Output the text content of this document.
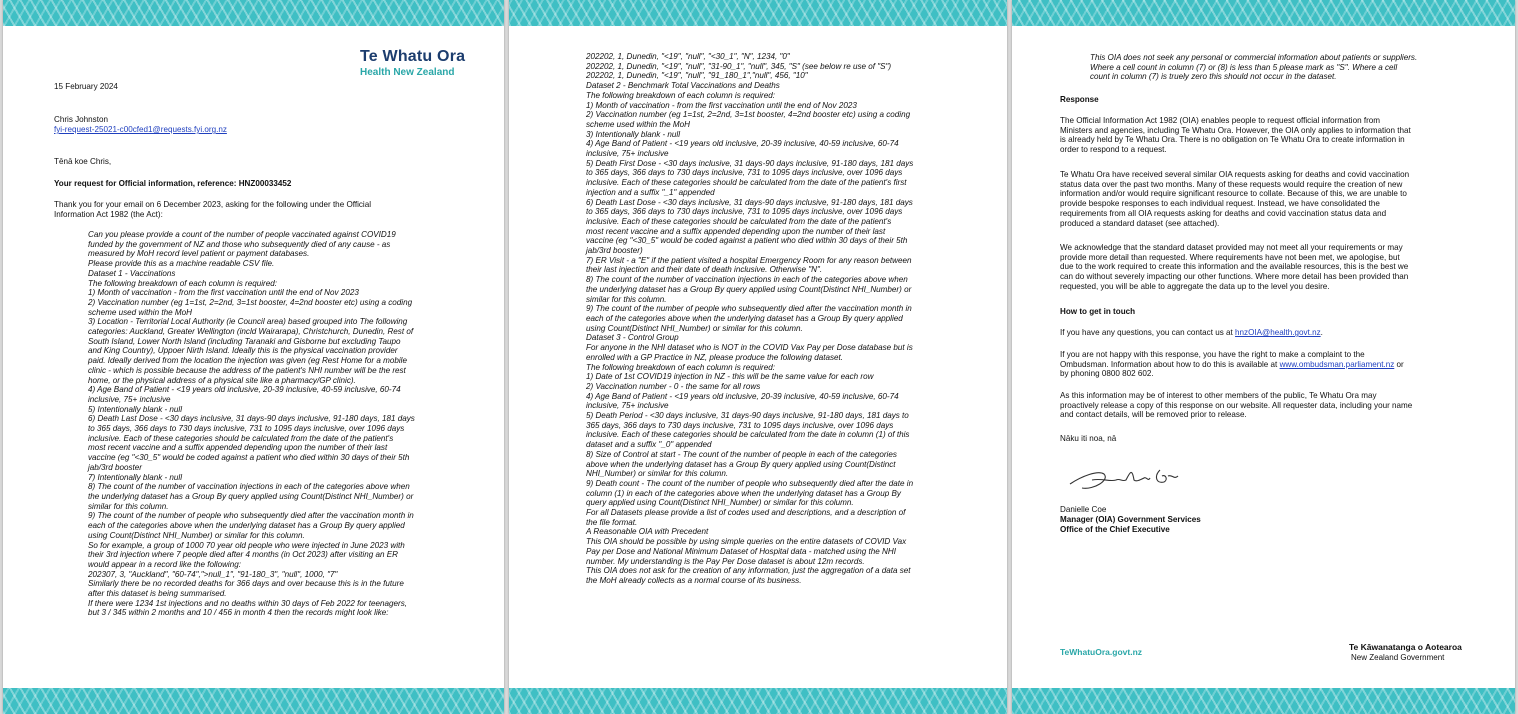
Te Whatu Ora
Health New Zealand
15 February 2024
Chris Johnston
fyi-request-25021-c00cfed1@requests.fyi.org.nz
Tēnā koe Chris,
Your request for Official information, reference: HNZ00033452
Thank you for your email on 6 December 2023, asking for the following under the Official
Information Act 1982 (the Act):
Can you please provide a count of the number of people vaccinated against COVID19
funded by the government of NZ and those who subsequently died of any cause - as
measured by MoH record level patient or payment databases.
Please provide this as a machine readable CSV file.
Dataset 1 - Vaccinations
The following breakdown of each column is required:
1) Month of vaccination - from the first vaccination until the end of Nov 2023
2) Vaccination number (eg 1=1st, 2=2nd, 3=1st booster, 4=2nd booster etc) using a coding
scheme used within the MoH
3) Location - Territorial Local Authority (ie Council area) based grouped into The following
categories: Auckland, Greater Wellington (incld Wairarapa), Christchurch, Dunedin, Rest of
South Island, Lower North Island (including Taranaki and Gisborne but excluding Taupo
and King Country), Uppoer Nirth Island. Ideally this is the physical vaccination provider
paid. Ideally derived from the location the injection was given (eg Rest Home for a mobile
clinic - which is possible because the address of the patient's NHI number will be the rest
home, or the physical address of a physical site like a pharmacy/GP clinic).
4) Age Band of Patient - <19 years old inclusive, 20-39 inclusive, 40-59 inclusive, 60-74
inclusive, 75+ inclusive
5) Intentionally blank - null
6) Death Last Dose - <30 days inclusive, 31 days-90 days inclusive, 91-180 days, 181 days
to 365 days, 366 days to 730 days inclusive, 731 to 1095 days inclusive, over 1096 days
inclusive. Each of these categories should be calculated from the date of the patient's
most recent vaccine and a suffix appended depending upon the number of their last
vaccine (eg "<30_5" would be coded against a patient who died within 30 days of their 5th
jab/3rd booster
7) Intentionally blank - null
8) The count of the number of vaccination injections in each of the categories above when
the underlying dataset has a Group By query applied using Count(Distinct NHI_Number) or
similar for this column.
9) The count of the number of people who subsequently died after the vaccination month in
each of the categories above when the underlying dataset has a Group By query applied
using Count(Distinct NHI_Number) or similar for this column.
So for example, a group of 1000 70 year old people who were injected in June 2023 with
their 3rd injection where 7 people died after 4 months (in Oct 2023) after visiting an ER
would appear in a record like the following:
202307, 3, "Auckland", "60-74",">null_1", "91-180_3", "null", 1000, "7"
Similarly there be no recorded deaths for 366 days and over because this is in the future
after this dataset is being summarised.
If there were 1234 1st injections and no deaths within 30 days of Feb 2022 for teenagers,
but 3 / 345 within 2 months and 10 / 456 in month 4 then the records might look like:
202202, 1, Dunedin, "<19", "null", "<30_1", "N", 1234, "0"
202202, 1, Dunedin, "<19", "null", "31-90_1", "null", 345, "S" (see below re use of "S")
202202, 1, Dunedin, "<19", "null", "91_180_1","null", 456, "10"
Dataset 2 - Benchmark Total Vaccinations and Deaths
The following breakdown of each column is required:
1) Month of vaccination - from the first vaccination until the end of Nov 2023
2) Vaccination number (eg 1=1st, 2=2nd, 3=1st booster, 4=2nd booster etc) using a coding
scheme used within the MoH
3) Intentionally blank - null
4) Age Band of Patient - <19 years old inclusive, 20-39 inclusive, 40-59 inclusive, 60-74
inclusive, 75+ inclusive
5) Death First Dose - <30 days inclusive, 31 days-90 days inclusive, 91-180 days, 181 days
to 365 days, 366 days to 730 days inclusive, 731 to 1095 days inclusive, over 1096 days
inclusive. Each of these categories should be calculated from the date of the patient's first
injection and a suffix "_1" appended
6) Death Last Dose - <30 days inclusive, 31 days-90 days inclusive, 91-180 days, 181 days
to 365 days, 366 days to 730 days inclusive, 731 to 1095 days inclusive, over 1096 days
inclusive. Each of these categories should be calculated from the date of the patient's
most recent vaccine and a suffix appended depending upon the number of their last
vaccine (eg "<30_5" would be coded against a patient who died within 30 days of their 5th
jab/3rd booster)
7) ER Visit - a "E" if the patient visited a hospital Emergency Room for any reason between
their last injection and their date of death inclusive. Otherwise "N".
8) The count of the number of vaccination injections in each of the categories above when
the underlying dataset has a Group By query applied using Count(Distinct NHI_Number) or
similar for this column.
9) The count of the number of people who subsequently died after the vaccination month in
each of the categories above when the underlying dataset has a Group By query applied
using Count(Distinct NHI_Number) or similar for this column.
Dataset 3 - Control Group
For anyone in the NHI dataset who is NOT in the COVID Vax Pay per Dose database but is
enrolled with a GP Practice in NZ, please produce the following dataset.
The following breakdown of each column is required:
1) Date of 1st COVID19 injection in NZ - this will be the same value for each row
2) Vaccination number - 0 - the same for all rows
4) Age Band of Patient - <19 years old inclusive, 20-39 inclusive, 40-59 inclusive, 60-74
inclusive, 75+ inclusive
5) Death Period - <30 days inclusive, 31 days-90 days inclusive, 91-180 days, 181 days to
365 days, 366 days to 730 days inclusive, 731 to 1095 days inclusive, over 1096 days
inclusive. Each of these categories should be calculated from the date in column (1) of this
dataset and a suffix "_0" appended
8) Size of Control at start - The count of the number of people in each of the categories
above when the underlying dataset has a Group By query applied using Count(Distinct
NHI_Number) or similar for this column.
9) Death count - The count of the number of people who subsequently died after the date in
column (1) in each of the categories above when the underlying dataset has a Group By
query applied using Count(Distinct NHI_Number) or similar for this column.
For all Datasets please provide a list of codes used and descriptions, and a description of
the file format.
A Reasonable OIA with Precedent
This OIA should be possible by using simple queries on the entire datasets of COVID Vax
Pay per Dose and National Minimum Dataset of Hospital data - matched using the NHI
number. My understanding is the Pay Per Dose dataset is about 12m records.
This OIA does not ask for the creation of any information, just the aggregation of a data set
the MoH already collects as a normal course of its business.
This OIA does not seek any personal or commercial information about patients or suppliers.
Where a cell count in column (7) or (8) is less than 5 please mark as "S". Where a cell
count in column (7) is truely zero this should not occur in the dataset.
Response
The Official Information Act 1982 (OIA) enables people to request official information from
Ministers and agencies, including Te Whatu Ora. However, the OIA only applies to information that
is already held by Te Whatu Ora. There is no obligation on Te Whatu Ora to create information in
order to respond to a request.
Te Whatu Ora have received several similar OIA requests asking for deaths and covid vaccination
status data over the past two months. Many of these requests would require the creation of new
information and/or would require significant resource to collate. Because of this, we are unable to
provide bespoke responses to each individual request. Instead, we have consolidated the
requirements from all OIA requests asking for deaths and covid vaccination status data and
produced a standard dataset (see attached).
We acknowledge that the standard dataset provided may not meet all your requirements or may
provide more detail than requested. Where requirements have not been met, we apologise, but
due to the work required to create this information and the available resources, this is the best we
can do without severely impacting our other functions. Where more detail has been provided than
requested, you will be able to aggregate the data up to the level you desire.
How to get in touch
If you have any questions, you can contact us at hnzOIA@health.govt.nz.
If you are not happy with this response, you have the right to make a complaint to the
Ombudsman. Information about how to do this is available at www.ombudsman.parliament.nz or
by phoning 0800 802 602.
As this information may be of interest to other members of the public, Te Whatu Ora may
proactively release a copy of this response on our website. All requester data, including your name
and contact details, will be removed prior to release.
Nāku iti noa, nā
Danielle Coe
Manager (OIA) Government Services
Office of the Chief Executive
TeWhatuOra.govt.nz	Te Kāwanatanga o Aotearoa
New Zealand Government
